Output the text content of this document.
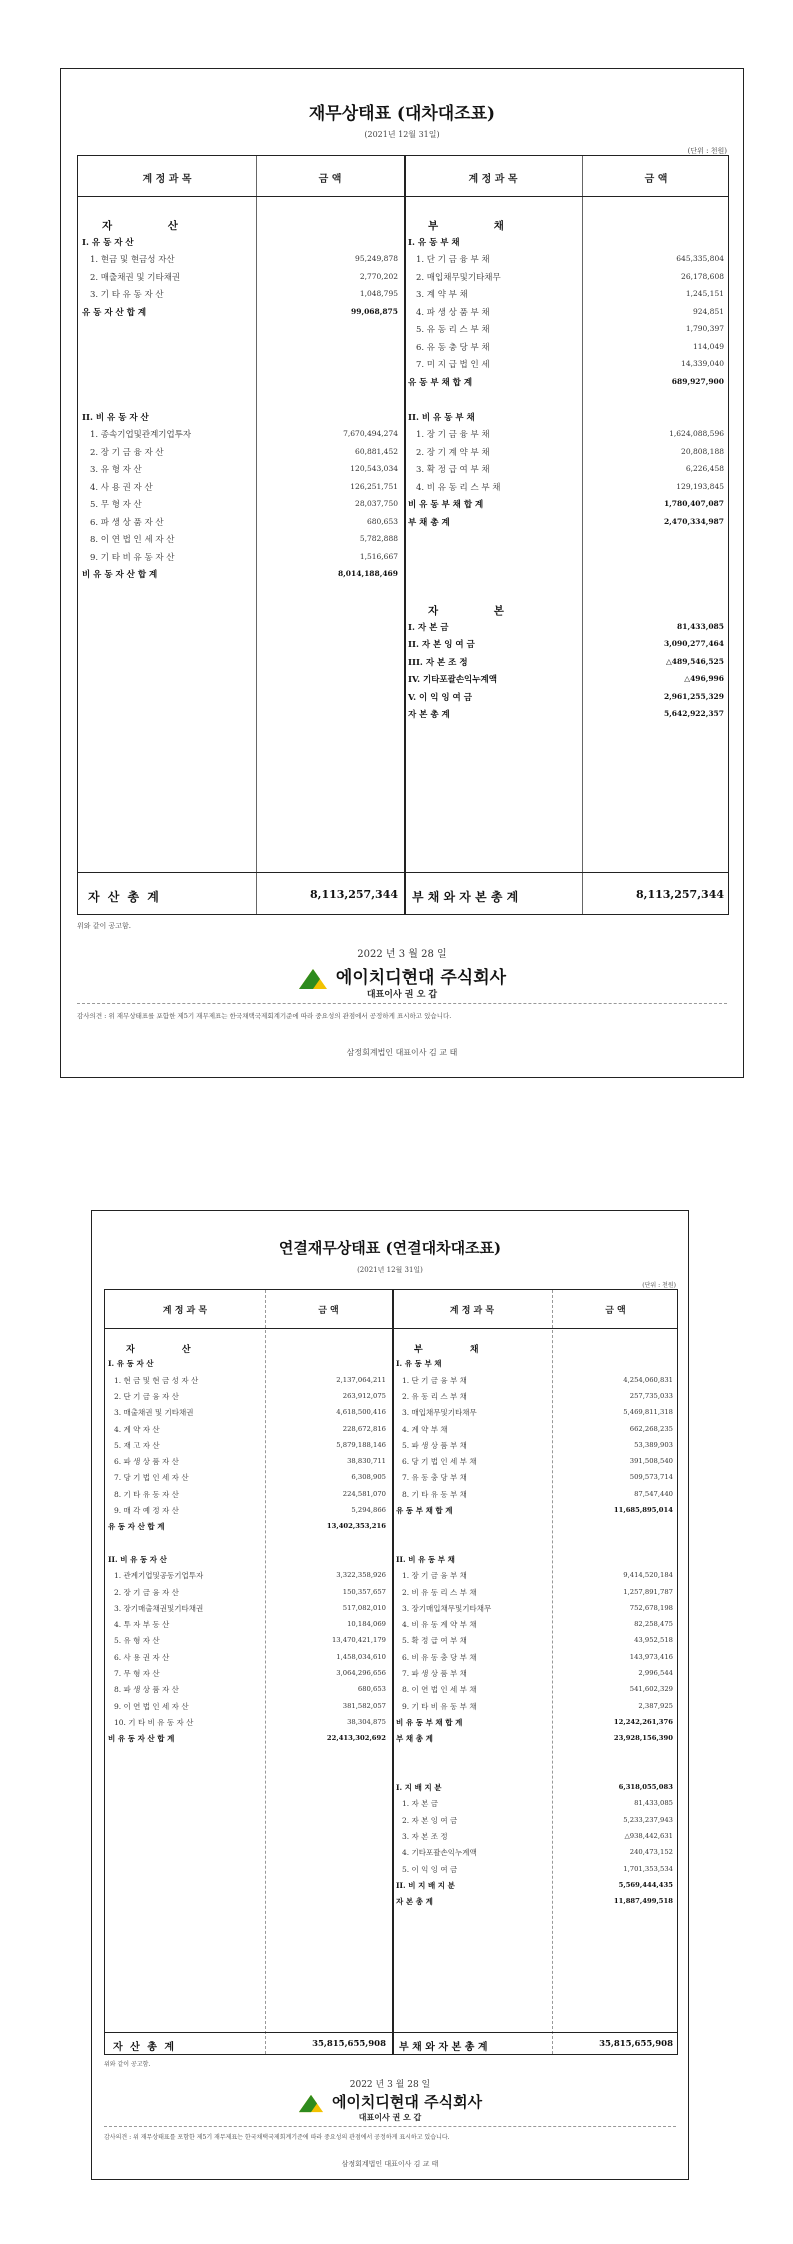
재무상태표 (대차대조표)
(2021년 12월 31일)
(단위 : 천원)
계 정 과 목	금 액	계 정 과 목	금 액
자 산
I. 유 동 자 산
1. 현금 및 현금성 자산	95,249,878
2. 매출채권 및 기타채권	2,770,202
3. 기 타 유 동 자 산	1,048,795
유 동 자 산 합 계	99,068,875
II. 비 유 동 자 산
1. 종속기업및관계기업투자	7,670,494,274
2. 장 기 금 융 자 산	60,881,452
3. 유 형 자 산	120,543,034
4. 사 용 권 자 산	126,251,751
5. 무 형 자 산	28,037,750
6. 파 생 상 품 자 산	680,653
8. 이 연 법 인 세 자 산	5,782,888
9. 기 타 비 유 동 자 산	1,516,667
비 유 동 자 산 합 계	8,014,188,469
부 채
I. 유 동 부 채
1. 단 기 금 융 부 채	645,335,804
2. 매입채무및기타채무	26,178,608
3. 계 약 부 채	1,245,151
4. 파 생 상 품 부 채	924,851
5. 유 동 리 스 부 채	1,790,397
6. 유 동 충 당 부 채	114,049
7. 미 지 급 법 인 세	14,339,040
유 동 부 채 합 계	689,927,900
II. 비 유 동 부 채
1. 장 기 금 융 부 채	1,624,088,596
2. 장 기 계 약 부 채	20,808,188
3. 확 정 급 여 부 채	6,226,458
4. 비 유 동 리 스 부 채	129,193,845
비 유 동 부 채 합 계	1,780,407,087
부 채 총 계	2,470,334,987
자 본
I. 자 본 금	81,433,085
II. 자 본 잉 여 금	3,090,277,464
III. 자 본 조 정	△489,546,525
IV. 기타포괄손익누계액	△496,996
V. 이 익 잉 여 금	2,961,255,329
자 본 총 계	5,642,922,357
자 산 총 계	8,113,257,344 부 채 와 자 본 총 계	8,113,257,344
위와 같이 공고함.
2022 년 3 월 28 일
에이치디현대 주식회사
대표이사 권 오 갑
감사의견 : 위 재무상태표를 포함한 제5기 재무제표는 한국채택국제회계기준에 따라 중요성의 관점에서 공정하게 표시하고 있습니다.
삼정회계법인 대표이사 김 교 태
연결재무상태표 (연결대차대조표)
(2021년 12월 31일)
(단위 : 천원)
계 정 과 목	금 액	계 정 과 목	금 액
자 산
I. 유 동 자 산
1. 현 금 및 현 금 성 자 산	2,137,064,211
2. 단 기 금 융 자 산	263,912,075
3. 매출채권 및 기타채권	4,618,500,416
4. 계 약 자 산	228,672,816
5. 재 고 자 산	5,879,188,146
6. 파 생 상 품 자 산	38,830,711
7. 당 기 법 인 세 자 산	6,308,905
8. 기 타 유 동 자 산	224,581,070
9. 매 각 예 정 자 산	5,294,866
유 동 자 산 합 계	13,402,353,216
II. 비 유 동 자 산
1. 관계기업및공동기업투자	3,322,358,926
2. 장 기 금 융 자 산	150,357,657
3. 장기매출채권및기타채권	517,082,010
4. 투 자 부 동 산	10,184,069
5. 유 형 자 산	13,470,421,179
6. 사 용 권 자 산	1,458,034,610
7. 무 형 자 산	3,064,296,656
8. 파 생 상 품 자 산	680,653
9. 이 연 법 인 세 자 산	381,582,057
10. 기 타 비 유 동 자 산	38,304,875
비 유 동 자 산 합 계	22,413,302,692
부 채
I. 유 동 부 채
1. 단 기 금 융 부 채	4,254,060,831
2. 유 동 리 스 부 채	257,735,033
3. 매입채무및기타채무	5,469,811,318
4. 계 약 부 채	662,268,235
5. 파 생 상 품 부 채	53,389,903
6. 당 기 법 인 세 부 채	391,508,540
7. 유 동 충 당 부 채	509,573,714
8. 기 타 유 동 부 채	87,547,440
유 동 부 채 합 계	11,685,895,014
II. 비 유 동 부 채
1. 장 기 금 융 부 채	9,414,520,184
2. 비 유 동 리 스 부 채	1,257,891,787
3. 장기매입채무및기타채무	752,678,198
4. 비 유 동 계 약 부 채	82,258,475
5. 확 정 급 여 부 채	43,952,518
6. 비 유 동 충 당 부 채	143,973,416
7. 파 생 상 품 부 채	2,996,544
8. 이 연 법 인 세 부 채	541,602,329
9. 기 타 비 유 동 부 채	2,387,925
비 유 동 부 채 합 계	12,242,261,376
부 채 총 계	23,928,156,390
I. 지 배 지 분	6,318,055,083
1. 자 본 금	81,433,085
2. 자 본 잉 여 금	5,233,237,943
3. 자 본 조 정	△938,442,631
4. 기타포괄손익누계액	240,473,152
5. 이 익 잉 여 금	1,701,353,534
II. 비 지 배 지 분	5,569,444,435
자 본 총 계	11,887,499,518
자 산 총 계	35,815,655,908 부 채 와 자 본 총 계	35,815,655,908
위와 같이 공고함.
2022 년 3 월 28 일
에이치디현대 주식회사
대표이사 권 오 갑
감사의견 : 위 재무상태표를 포함한 제5기 재무제표는 한국채택국제회계기준에 따라 중요성의 관점에서 공정하게 표시하고 있습니다.
삼정회계법인 대표이사 김 교 태
